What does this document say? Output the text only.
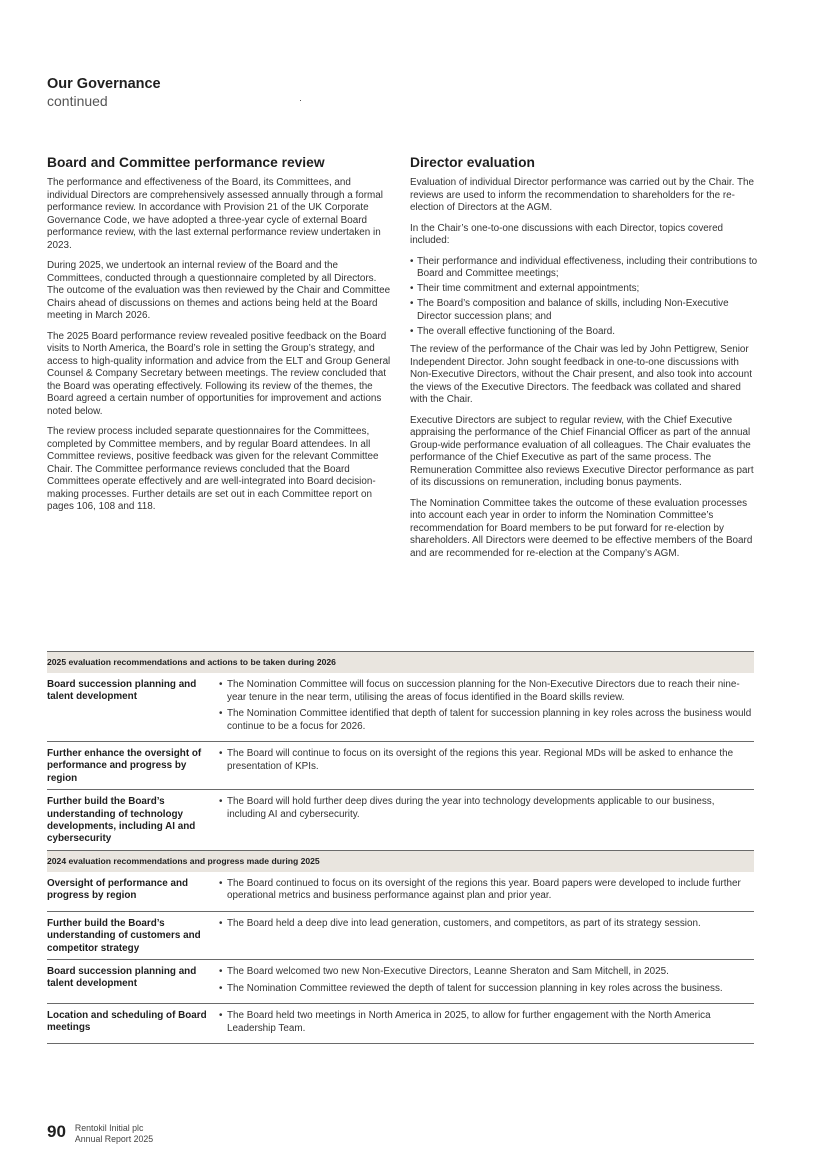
Our Governance
continued
Board and Committee performance review

The performance and effectiveness of the Board, its Committees, and individual Directors are comprehensively assessed annually through a formal performance review. In accordance with Provision 21 of the UK Corporate Governance Code, we have adopted a three-year cycle of external Board performance review, with the last external performance review undertaken in 2023.

During 2025, we undertook an internal review of the Board and the Committees, conducted through a questionnaire completed by all Directors. The outcome of the evaluation was then reviewed by the Chair and Committee Chairs ahead of discussions on themes and actions being held at the Board meeting in March 2026.

The 2025 Board performance review revealed positive feedback on the Board visits to North America, the Board’s role in setting the Group’s strategy, and access to high-quality information and advice from the ELT and Group General Counsel & Company Secretary between meetings. The review concluded that the Board was operating effectively. Following its review of the themes, the Board agreed a certain number of opportunities for improvement and actions noted below.

The review process included separate questionnaires for the Committees, completed by Committee members, and by regular Board attendees. In all Committee reviews, positive feedback was given for the relevant Committee Chair. The Committee performance reviews concluded that the Board Committees operate effectively and are well-integrated into Board decision-making processes. Further details are set out in each Committee report on pages 106, 108 and 118.

Director evaluation

Evaluation of individual Director performance was carried out by the Chair. The reviews are used to inform the recommendation to shareholders for the re-election of Directors at the AGM.

In the Chair’s one-to-one discussions with each Director, topics covered included:

• Their performance and individual effectiveness, including their contributions to Board and Committee meetings;
• Their time commitment and external appointments;
• The Board’s composition and balance of skills, including Non-Executive Director succession plans; and
• The overall effective functioning of the Board.

The review of the performance of the Chair was led by John Pettigrew, Senior Independent Director. John sought feedback in one-to-one discussions with Non-Executive Directors, without the Chair present, and also took into account the views of the Executive Directors. The feedback was collated and shared with the Chair.

Executive Directors are subject to regular review, with the Chief Executive appraising the performance of the Chief Financial Officer as part of the annual Group-wide performance evaluation of all colleagues. The Chair evaluates the performance of the Chief Executive as part of the same process. The Remuneration Committee also reviews Executive Director performance as part of its discussions on remuneration, including bonus payments.

The Nomination Committee takes the outcome of these evaluation processes into account each year in order to inform the Nomination Committee’s recommendation for Board members to be put forward for re-election by shareholders. All Directors were deemed to be effective members of the Board and are recommended for re-election at the Company’s AGM.

2025 evaluation recommendations and actions to be taken during 2026
Board succession planning and talent development
• The Nomination Committee will focus on succession planning for the Non-Executive Directors due to reach their nine-year tenure in the near term, utilising the areas of focus identified in the Board skills review.
• The Nomination Committee identified that depth of talent for succession planning in key roles across the business would continue to be a focus for 2026.
Further enhance the oversight of performance and progress by region
• The Board will continue to focus on its oversight of the regions this year. Regional MDs will be asked to enhance the presentation of KPIs.
Further build the Board’s understanding of technology developments, including AI and cybersecurity
• The Board will hold further deep dives during the year into technology developments applicable to our business, including AI and cybersecurity.
2024 evaluation recommendations and progress made during 2025
Oversight of performance and progress by region
• The Board continued to focus on its oversight of the regions this year. Board papers were developed to include further operational metrics and business performance against plan and prior year.
Further build the Board’s understanding of customers and competitor strategy
• The Board held a deep dive into lead generation, customers, and competitors, as part of its strategy session.
Board succession planning and talent development
• The Board welcomed two new Non-Executive Directors, Leanne Sheraton and Sam Mitchell, in 2025.
• The Nomination Committee reviewed the depth of talent for succession planning in key roles across the business.
Location and scheduling of Board meetings
• The Board held two meetings in North America in 2025, to allow for further engagement with the North America Leadership Team.
90 Rentokil Initial plc
Annual Report 2025
